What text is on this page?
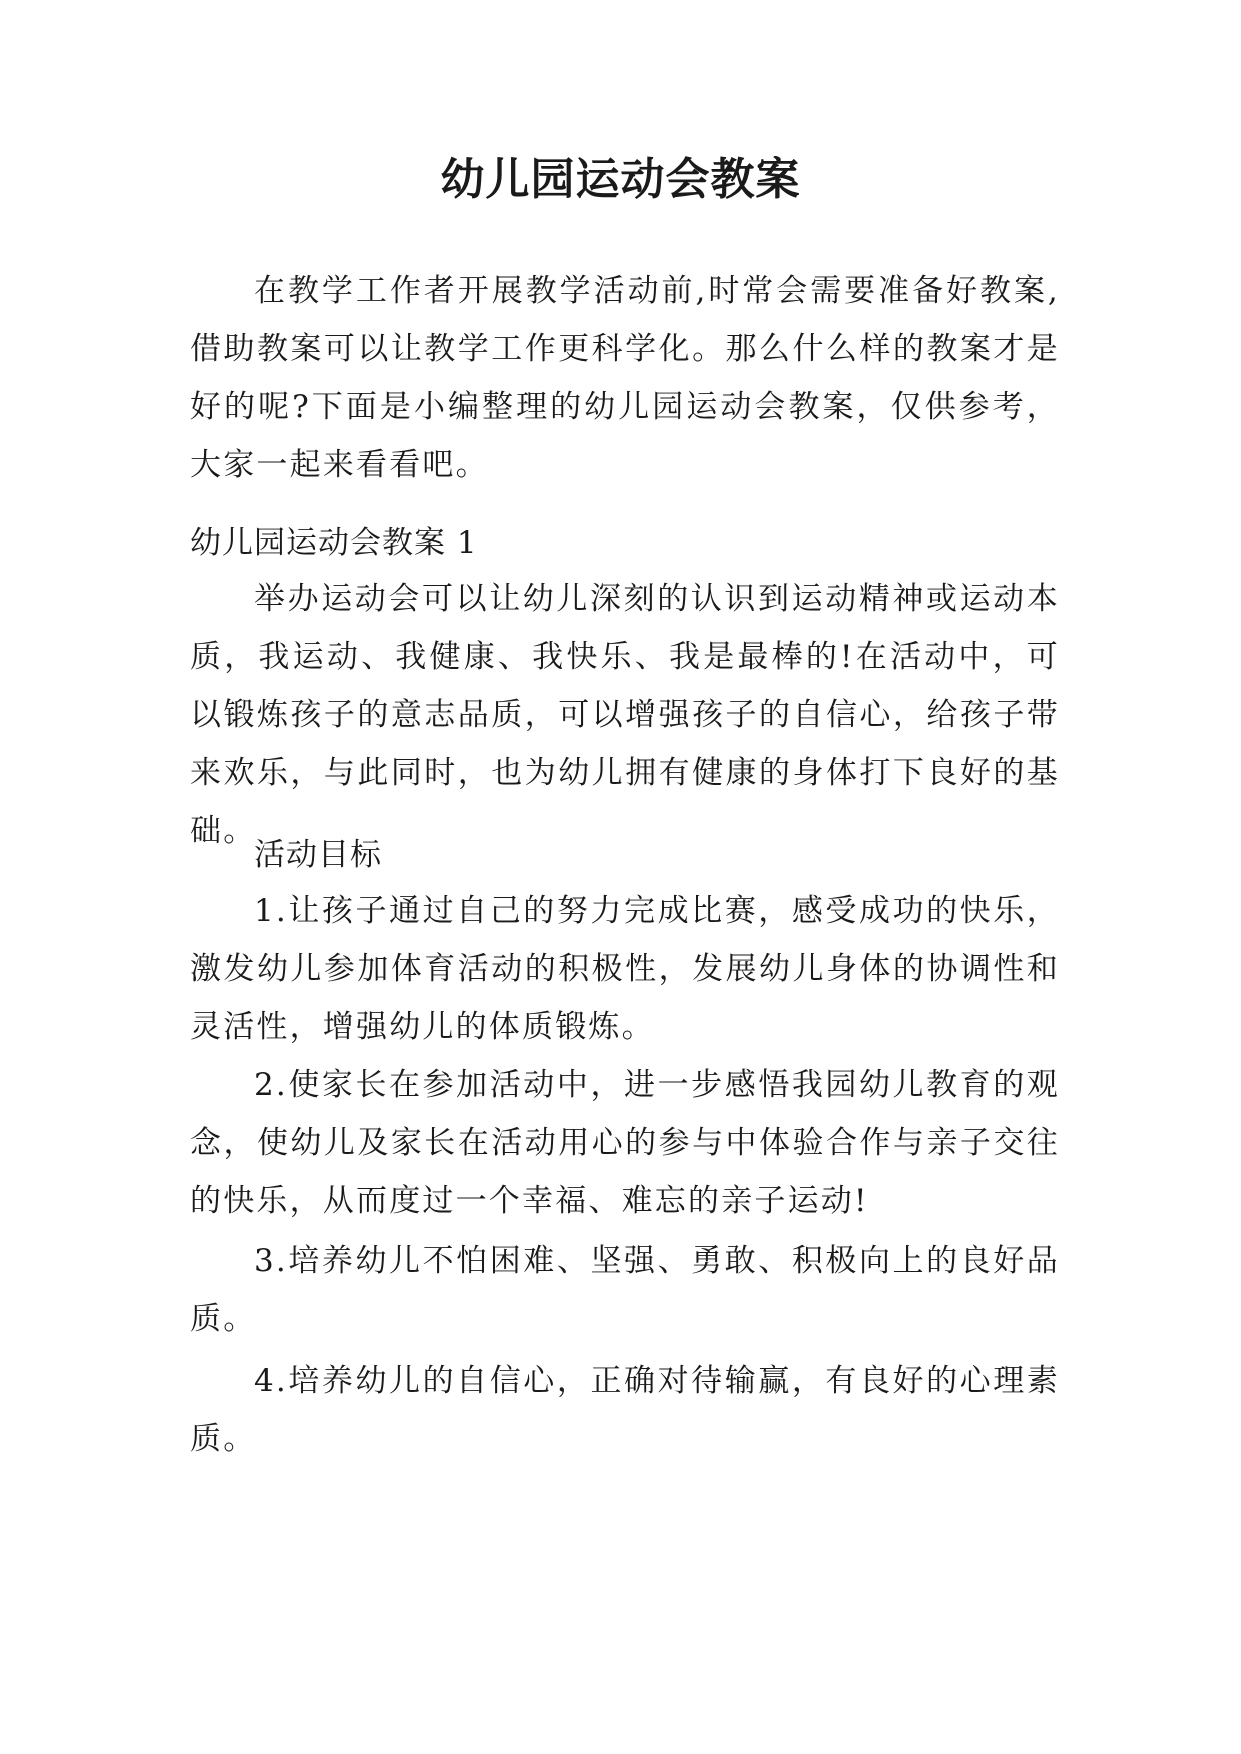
幼儿园运动会教案

在教学工作者开展教学活动前,时常会需要准备好教案,借助教案可以让教学工作更科学化。那么什么样的教案才是好的呢?下面是小编整理的幼儿园运动会教案，仅供参考，大家一起来看看吧。

幼儿园运动会教案 1

举办运动会可以让幼儿深刻的认识到运动精神或运动本质，我运动、我健康、我快乐、我是最棒的!在活动中，可以锻炼孩子的意志品质，可以增强孩子的自信心，给孩子带来欢乐，与此同时，也为幼儿拥有健康的身体打下良好的基础。

活动目标

1.让孩子通过自己的努力完成比赛，感受成功的快乐，激发幼儿参加体育活动的积极性，发展幼儿身体的协调性和灵活性，增强幼儿的体质锻炼。

2.使家长在参加活动中，进一步感悟我园幼儿教育的观念，使幼儿及家长在活动用心的参与中体验合作与亲子交往的快乐，从而度过一个幸福、难忘的亲子运动!

3.培养幼儿不怕困难、坚强、勇敢、积极向上的良好品质。

4.培养幼儿的自信心，正确对待输赢，有良好的心理素质。
